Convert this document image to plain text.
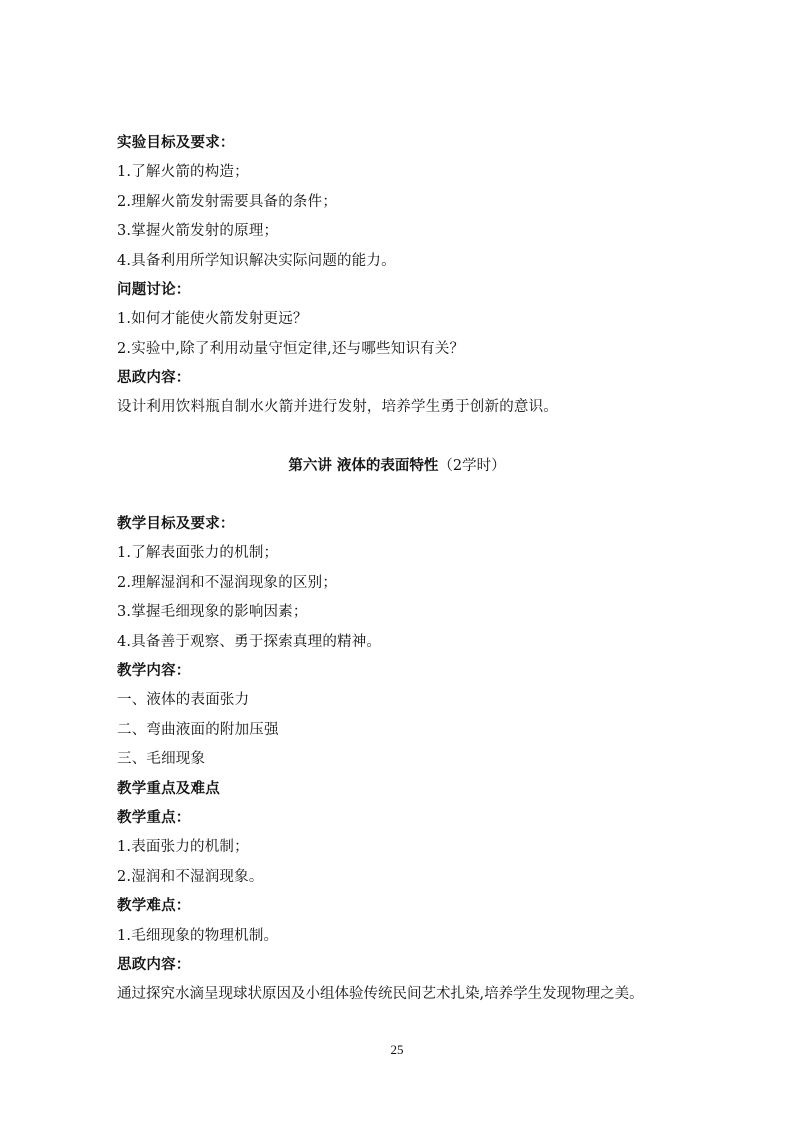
实验目标及要求：
1.了解火箭的构造；
2.理解火箭发射需要具备的条件；
3.掌握火箭发射的原理；
4.具备利用所学知识解决实际问题的能力。
问题讨论：
1.如何才能使火箭发射更远？
2.实验中,除了利用动量守恒定律,还与哪些知识有关？
思政内容：
设计利用饮料瓶自制水火箭并进行发射，培养学生勇于创新的意识。
第六讲 液体的表面特性（2学时）
教学目标及要求：
1.了解表面张力的机制；
2.理解湿润和不湿润现象的区别；
3.掌握毛细现象的影响因素；
4.具备善于观察、勇于探索真理的精神。
教学内容：
一、液体的表面张力
二、弯曲液面的附加压强
三、毛细现象
教学重点及难点
教学重点：
1.表面张力的机制；
2.湿润和不湿润现象。
教学难点：
1.毛细现象的物理机制。
思政内容：
通过探究水滴呈现球状原因及小组体验传统民间艺术扎染,培养学生发现物理之美。
25
